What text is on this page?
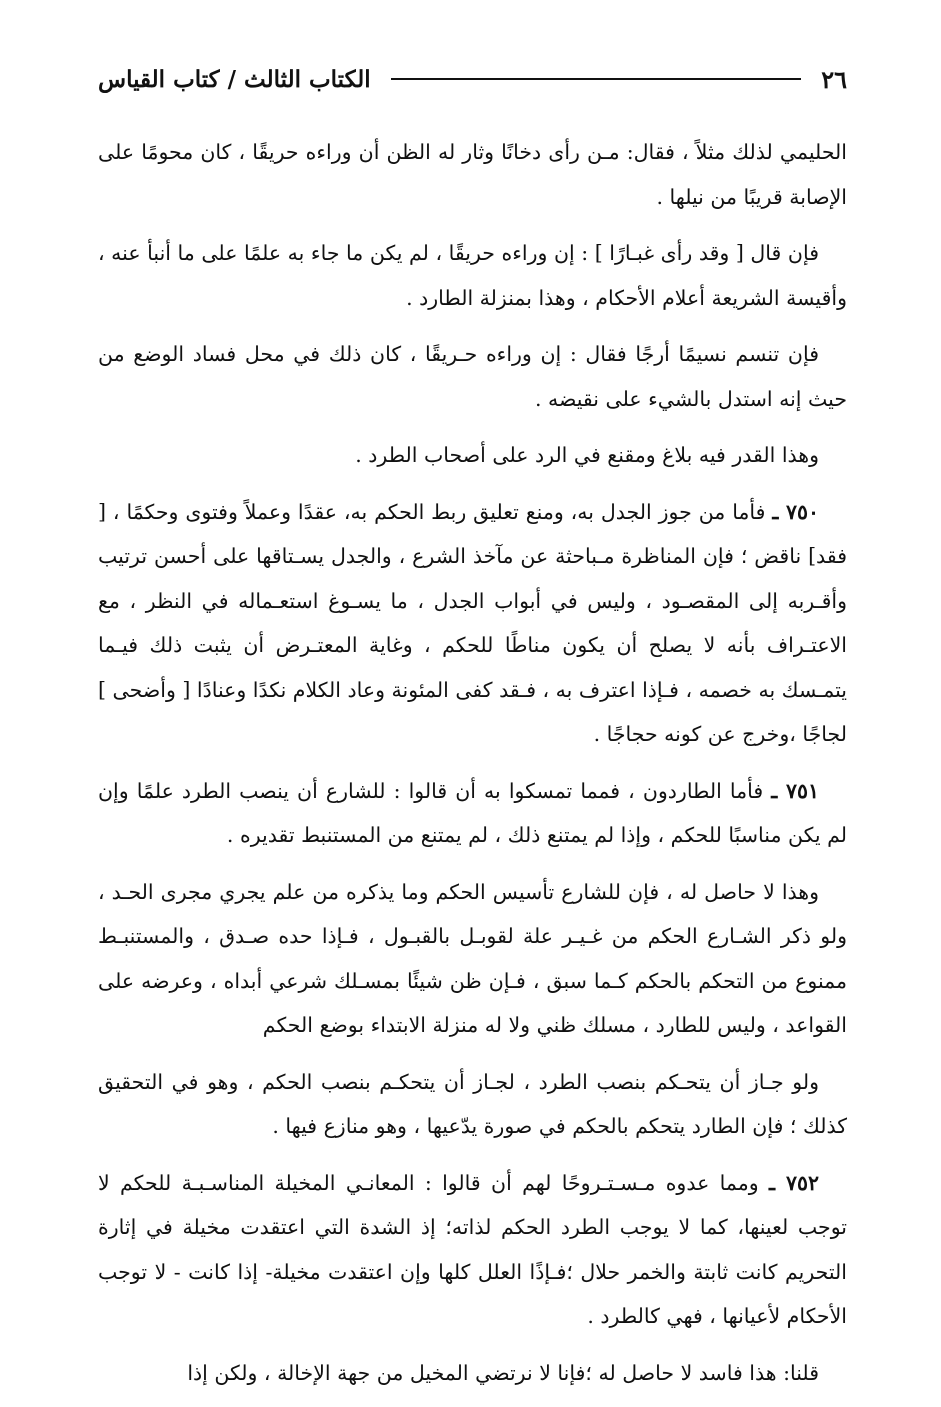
٢٦
الكتاب الثالث / كتاب القياس

الحليمي لذلك مثلاً ، فقال: مـن رأى دخانًا وثار له الظن أن وراءه حريقًا ، كان محومًا على الإصابة قريبًا من نيلها .

فإن قال [ وقد رأى غبـارًا ] : إن وراءه حريقًا ، لم يكن ما جاء به علمًا على ما أنبأ عنه ، وأقيسة الشريعة أعلام الأحكام ، وهذا بمنزلة الطارد .

فإن تنسم نسيمًا أرجًا فقال : إن وراءه حـريقًا ، كان ذلك في محل فساد الوضع من حيث إنه استدل بالشيء على نقيضه .

وهذا القدر فيه بلاغ ومقنع في الرد على أصحاب الطرد .

٧٥٠ ـ فأما من جوز الجدل به، ومنع تعليق ربط الحكم به، عقدًا وعملاً وفتوى وحكمًا ، [ فقد] ناقض ؛ فإن المناظرة مـباحثة عن مآخذ الشرع ، والجدل يسـتاقها على أحسن ترتيب وأقـربه إلى المقصـود ، وليس في أبواب الجدل ، ما يسـوغ استعـماله في النظر ، مع الاعتـراف بأنه لا يصلح أن يكون مناطًا للحكم ، وغاية المعتـرض أن يثبت ذلك فيـما يتمـسك به خصمه ، فـإذا اعترف به ، فـقد كفى المئونة وعاد الكلام نكدًا وعنادًا [ وأضحى ] لجاجًا ،وخرج عن كونه حجاجًا .

٧٥١ ـ فأما الطاردون ، فمما تمسكوا به أن قالوا : للشارع أن ينصب الطرد علمًا وإن لم يكن مناسبًا للحكم ، وإذا لم يمتنع ذلك ، لم يمتنع من المستنبط تقديره .

وهذا لا حاصل له ، فإن للشارع تأسيس الحكم وما يذكره من علم يجري مجرى الحـد ، ولو ذكر الشـارع الحكم من غـيـر علة لقوبـل بالقبـول ، فـإذا حده صـدق ، والمستنبـط ممنوع من التحكم بالحكم كـما سبق ، فـإن ظن شيئًا بمسـلك شرعي أبداه ، وعرضه على القواعد ، وليس للطارد ، مسلك ظني ولا له منزلة الابتداء بوضع الحكم

ولو جـاز أن يتحـكم بنصب الطرد ، لجـاز أن يتحكـم بنصب الحكم ، وهو في التحقيق كذلك ؛ فإن الطارد يتحكم بالحكم في صورة يدّعيها ، وهو منازع فيها .

٧٥٢ ـ ومما عدوه مـسـتـروحًا لهم أن قالوا : المعانـي المخيلة المناسـبـة للحكم لا توجب لعينها، كما لا يوجب الطرد الحكم لذاته؛ إذ الشدة التي اعتقدت مخيلة في إثارة التحريم كانت ثابتة والخمر حلال ؛فـإذًا العلل كلها وإن اعتقدت مخيلة- إذا كانت - لا توجب الأحكام لأعيانها ، فهي كالطرد .

قلنا: هذا فاسد لا حاصل له ؛فإنا لا نرتضي المخيل من جهة الإخالة ، ولكن إذا
